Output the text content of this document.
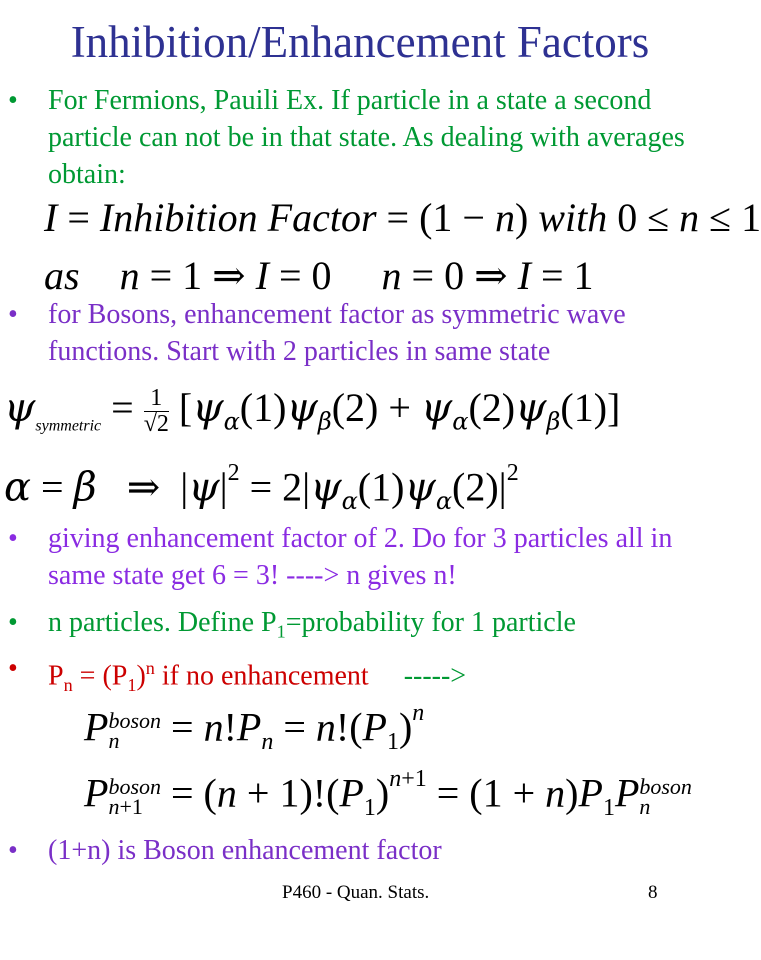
Inhibition/Enhancement Factors
•	For Fermions, Pauili Ex. If particle in a state a second particle can not be in that state. As dealing with averages obtain:
I = Inhibition Factor = (1 − n) with 0 ≤ n ≤ 1
as n = 1 ⇒ I = 0     n = 0 ⇒ I = 1
•	for Bosons, enhancement factor as symmetric wave functions. Start with 2 particles in same state
$\psi_{symmetric} = \frac{1}{√2} [\psi_\alpha(1)\psi_\beta(2) + \psi_\alpha(2)\psi_\beta(1)]$
α = β   ⇒  $|\psi|^2 = 2|\psi_\alpha(1)\psi_\alpha(2)|^2$
•	giving enhancement factor of 2. Do for 3 particles all in same state get 6 = 3! ----> n gives n!
•	n particles. Define $P_1=probability$ for 1 particle
•	$P_n = (P_1)^n$ if no enhancement     ----->
P boson
n	= $n!P_n = n!(P_1)^n$
P boson
$n+1 = (n + 1)!(P_1)^{n+1} = (1 + n)P_1P$ boson
n
•	(1+n) is Boson enhancement factor
P460 - Quan. Stats.	8
